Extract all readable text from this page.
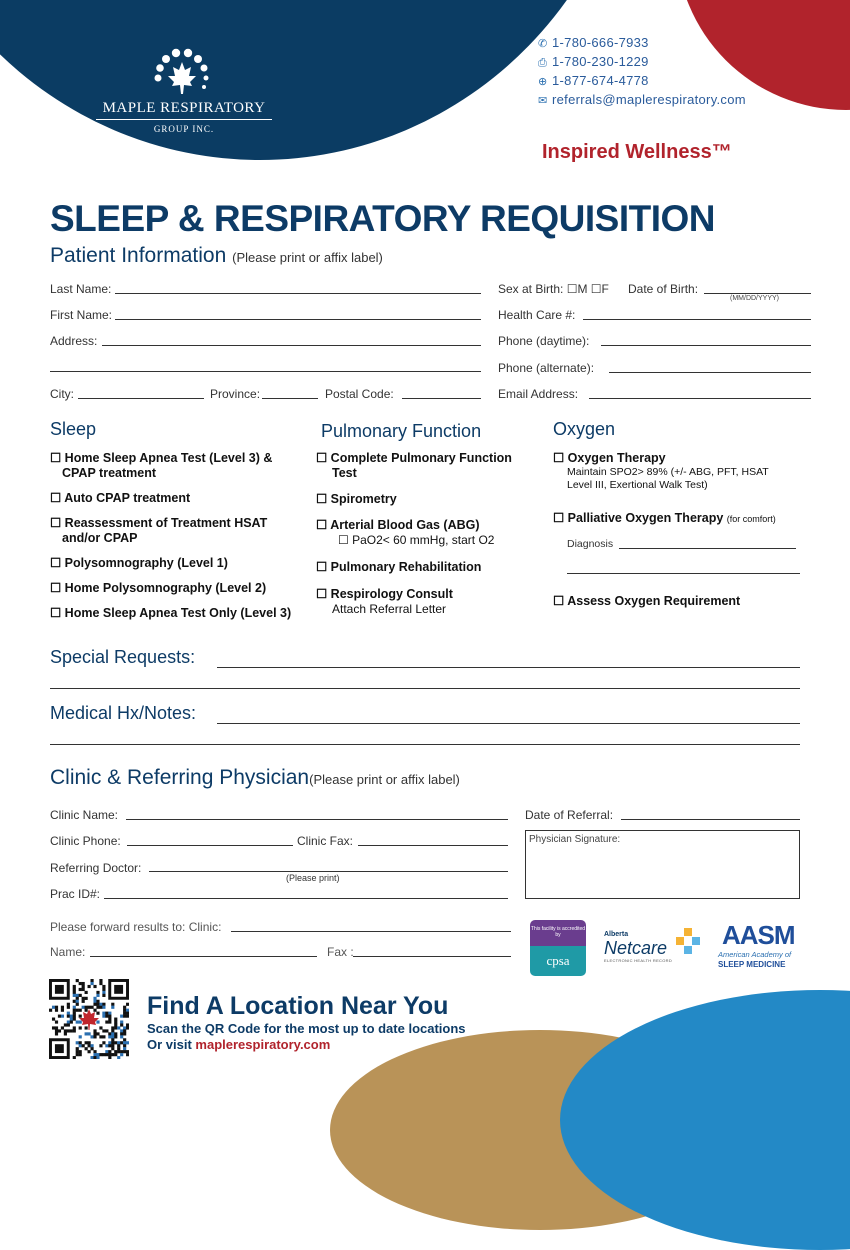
MAPLE RESPIRATORY
GROUP INC.
✆ 1-780-666-7933
⎙ 1-780-230-1229
⊕ 1-877-674-4778
✉ referrals@maplerespiratory.com
Inspired Wellness™
SLEEP & RESPIRATORY REQUISITION
Patient Information (Please print or affix label)
Last Name:
First Name:
Address:
City:	Province:	Postal Code:
Sex at Birth: ☐M ☐F Date of Birth:
(MM/DD/YYYY)
Health Care #:
Phone (daytime):
Phone (alternate):
Email Address:
Sleep
☐ Home Sleep Apnea Test (Level 3) &
CPAP treatment
☐ Auto CPAP treatment
☐ Reassessment of Treatment HSAT
and/or CPAP
☐ Polysomnography (Level 1)
☐ Home Polysomnography (Level 2)
☐ Home Sleep Apnea Test Only (Level 3)
Pulmonary Function
☐ Complete Pulmonary Function
Test
☐ Spirometry
☐ Arterial Blood Gas (ABG)
☐ PaO2< 60 mmHg, start O2
☐ Pulmonary Rehabilitation
☐ Respirology Consult
Attach Referral Letter
Oxygen
☐ Oxygen Therapy
Maintain SPO2> 89% (+/- ABG, PFT, HSAT
Level III, Exertional Walk Test)
☐ Palliative Oxygen Therapy (for comfort)
Diagnosis
☐ Assess Oxygen Requirement
Special Requests:
Medical Hx/Notes:
Clinic & Referring Physician(Please print or affix label)
Clinic Name:
Clinic Phone:	Clinic Fax:
Referring Doctor:
(Please print)
Prac ID#:
Date of Referral:
Physician Signature:
Please forward results to: Clinic:
Name:	Fax :
This facility is accredited by
cpsa
Alberta
Netcare
ELECTRONIC HEALTH RECORD
AASM
American Academy of
SLEEP MEDICINE
Find A Location Near You
Scan the QR Code for the most up to date locations
Or visit maplerespiratory.com
